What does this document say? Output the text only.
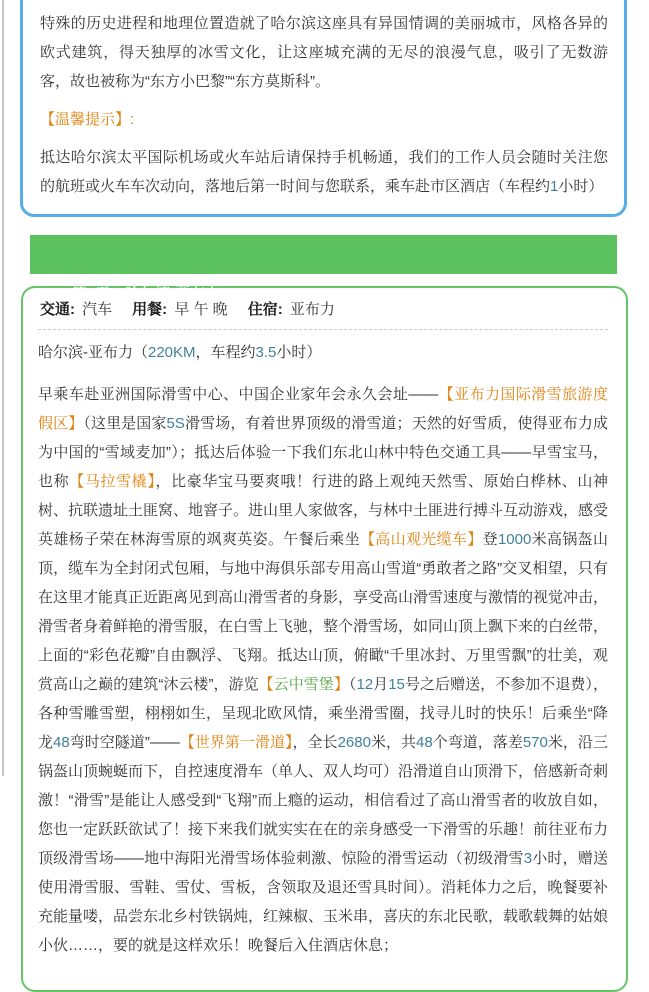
特殊的历史进程和地理位置造就了哈尔滨这座具有异国情调的美丽城市，风格各异的欧式建筑，得天独厚的冰雪文化，让这座城充满的无尽的浪漫气息，吸引了无数游客，故也被称为“东方小巴黎”“东方莫斯科”。

【温馨提示】:

抵达哈尔滨太平国际机场或火车站后请保持手机畅通，我们的工作人员会随时关注您的航班或火车车次动向，落地后第一时间与您联系，乘车赴市区酒店（车程约1小时）

第2天　哈尔滨-亚布力

交通: 汽车 用餐: 早 午 晚 住宿: 亚布力

哈尔滨-亚布力（220KM，车程约3.5小时）

早乘车赴亚洲国际滑雪中心、中国企业家年会永久会址——【亚布力国际滑雪旅游度假区】（这里是国家5S滑雪场，有着世界顶级的滑雪道；天然的好雪质，使得亚布力成为中国的“雪域麦加”）；抵达后体验一下我们东北山林中特色交通工具——早雪宝马，也称【马拉雪橇】，比豪华宝马要爽哦！行进的路上观纯天然雪、原始白桦林、山神树、抗联遗址土匪窝、地窨子。进山里人家做客，与林中土匪进行搏斗互动游戏，感受英雄杨子荣在林海雪原的飒爽英姿。午餐后乘坐【高山观光缆车】登1000米高锅盔山顶，缆车为全封闭式包厢，与地中海俱乐部专用高山雪道“勇敢者之路”交叉相望，只有在这里才能真正近距离见到高山滑雪者的身影，享受高山滑雪速度与激情的视觉冲击，滑雪者身着鲜艳的滑雪服，在白雪上飞驰，整个滑雪场，如同山顶上飘下来的白丝带，上面的“彩色花瓣”自由飘浮、飞翔。抵达山顶，俯瞰“千里冰封、万里雪飘”的壮美，观赏高山之巅的建筑“沐云楼”，游览【云中雪堡】（12月15号之后赠送，不参加不退费），各种雪雕雪塑，栩栩如生，呈现北欧风情，乘坐滑雪圈，找寻儿时的快乐！后乘坐“降龙48弯时空隧道”——【世界第一滑道】，全长2680米，共48个弯道，落差570米，沿三锅盔山顶蜿蜒而下，自控速度滑车（单人、双人均可）沿滑道自山顶滑下，倍感新奇刺激！“滑雪”是能让人感受到“飞翔”而上瘾的运动，相信看过了高山滑雪者的收放自如，您也一定跃跃欲试了！接下来我们就实实在在的亲身感受一下滑雪的乐趣！前往亚布力顶级滑雪场——地中海阳光滑雪场体验刺激、惊险的滑雪运动（初级滑雪3小时，赠送使用滑雪服、雪鞋、雪仗、雪板，含领取及退还雪具时间）。消耗体力之后，晚餐要补充能量喽，品尝东北乡村铁锅炖，红辣椒、玉米串，喜庆的东北民歌，载歌载舞的姑娘小伙……，要的就是这样欢乐！晚餐后入住酒店休息；
